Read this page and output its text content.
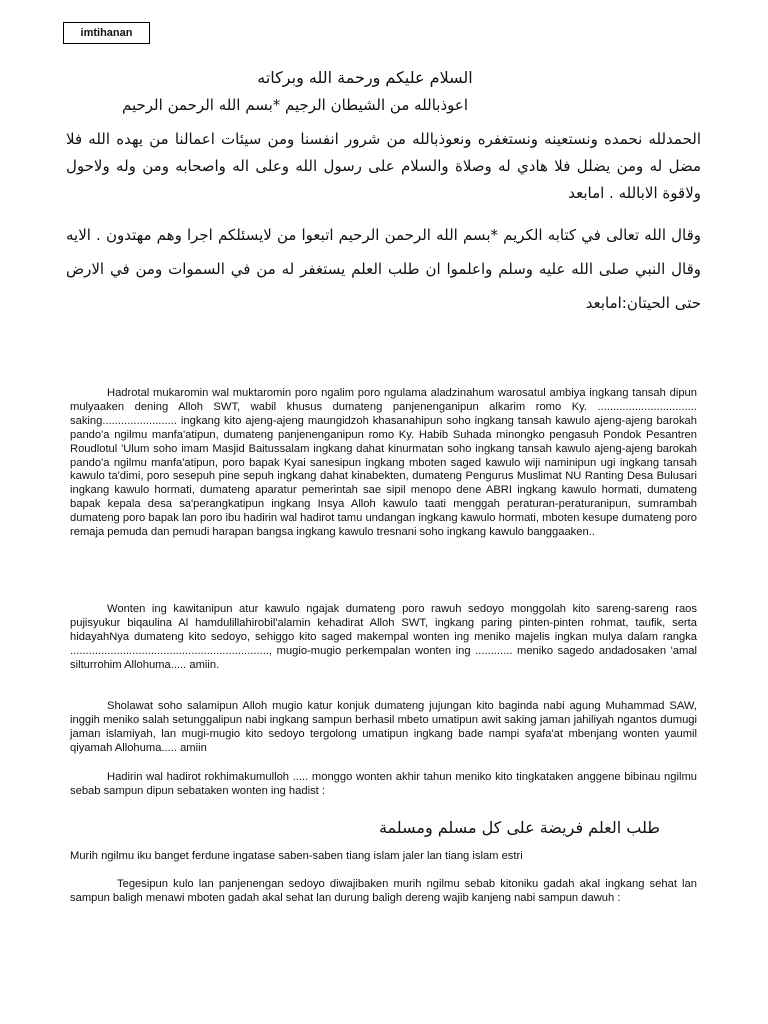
imtihanan
السلام عليكم ورحمة الله وبركاته
اعوذبالله من الشيطان الرجيم *بسم الله الرحمن الرحيم
الحمدلله نحمده ونستعينه ونستغفره ونعوذبالله من شرور انفسنا ومن سيئات اعمالنا من يهده الله فلا مضل له ومن يضلل فلا هادي له وصلاة والسلام على رسول الله وعلى اله واصحابه ومن وله ولاحول ولاقوة الابالله . امابعد
وقال الله تعالى في كتابه الكريم *بسم الله الرحمن الرحيم اتبعوا من لايسئلكم اجرا وهم مهتدون . الايه وقال النبي صلى الله عليه وسلم واعلموا ان طلب العلم يستغفر له من في السموات ومن في الارض حتى الحيتان:امابعد

Hadrotal mukaromin wal muktaromin poro ngalim poro ngulama aladzinahum warosatul ambiya ingkang tansah dipun mulyaaken dening Alloh SWT, wabil khusus dumateng panjenenganipun alkarim romo Ky. ................................ saking........................ ingkang kito ajeng-ajeng maungidzoh khasanahipun soho ingkang tansah kawulo ajeng-ajeng barokah pando'a ngilmu manfa'atipun, dumateng panjenenganipun romo Ky. Habib Suhada minongko pengasuh Pondok Pesantren Roudlotul 'Ulum soho imam Masjid Baitussalam ingkang dahat kinurmatan soho ingkang tansah kawulo ajeng-ajeng barokah pando'a ngilmu manfa'atipun, poro bapak Kyai sanesipun ingkang mboten saged kawulo wiji naminipun ugi ingkang tansah kawulo ta'dimi, poro sesepuh pine sepuh ingkang dahat kinabekten, dumateng Pengurus Muslimat NU Ranting Desa Bulusari ingkang kawulo hormati, dumateng aparatur pemerintah sae sipil menopo dene ABRI ingkang kawulo hormati, dumateng bapak kepala desa sa'perangkatipun ingkang Insya Alloh kawulo taati menggah peraturan-peraturanipun, sumrambah dumateng poro bapak lan poro ibu hadirin wal hadirot tamu undangan ingkang kawulo hormati, mboten kesupe dumateng poro remaja pemuda dan pemudi harapan bangsa ingkang kawulo tresnani soho ingkang kawulo banggaaken..

Wonten ing kawitanipun atur kawulo ngajak dumateng poro rawuh sedoyo monggolah kito sareng-sareng raos pujisyukur biqaulina Al hamdulillahirobil'alamin kehadirat Alloh SWT, ingkang paring pinten-pinten rohmat, taufik, serta hidayahNya dumateng kito sedoyo, sehiggo kito saged makempal wonten ing meniko majelis ingkan mulya dalam rangka ................................................................, mugio-mugio perkempalan wonten ing ............ meniko sagedo andadosaken 'amal silturrohim Allohuma..... amiin.

Sholawat soho salamipun Alloh mugio katur konjuk dumateng jujungan kito baginda nabi agung Muhammad SAW, inggih meniko salah setunggalipun nabi ingkang sampun berhasil mbeto umatipun awit saking jaman jahiliyah ngantos dumugi jaman islamiyah, lan mugi-mugio kito sedoyo tergolong umatipun ingkang bade nampi syafa'at mbenjang wonten yaumil qiyamah Allohuma..... amiin

Hadirin wal hadirot rokhimakumulloh ..... monggo wonten akhir tahun meniko kito tingkataken anggene bibinau ngilmu sebab sampun dipun sebataken wonten ing hadist :

طلب العلم فريضة على كل مسلم ومسلمة

Murih ngilmu iku banget ferdune ingatase saben-saben tiang islam jaler lan tiang islam estri

Tegesipun kulo lan panjenengan sedoyo diwajibaken murih ngilmu sebab kitoniku gadah akal ingkang sehat lan sampun baligh menawi mboten gadah akal sehat lan durung baligh dereng wajib kanjeng nabi sampun dawuh :
